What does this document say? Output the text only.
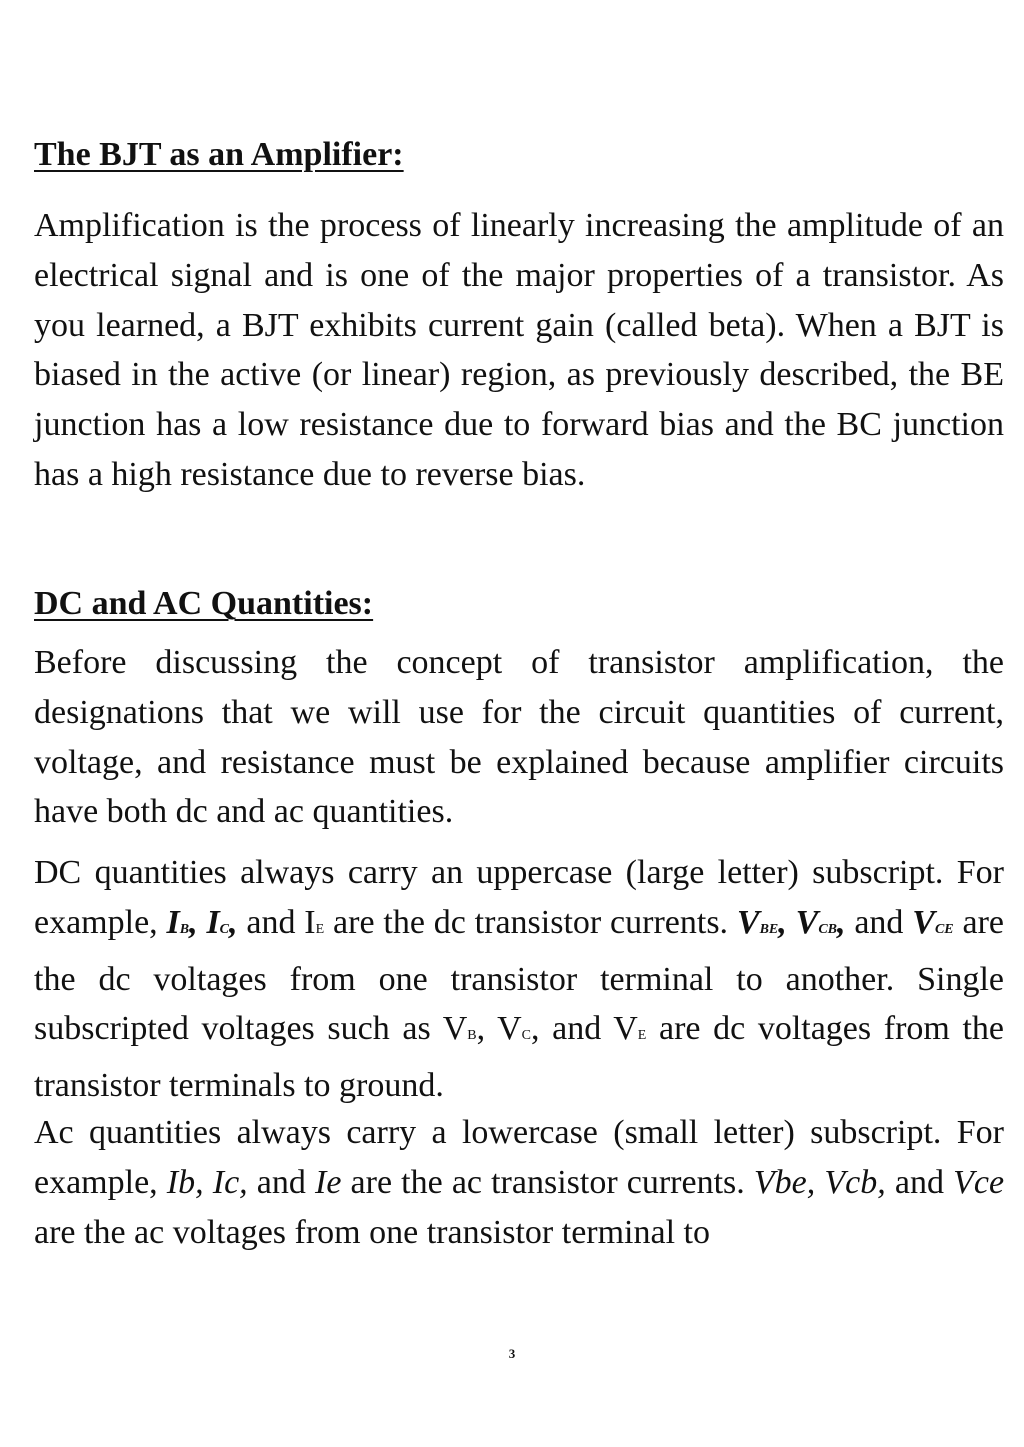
The BJT as an Amplifier:

Amplification is the process of linearly increasing the amplitude of an electrical signal and is one of the major properties of a transistor. As you learned, a BJT exhibits current gain (called beta). When a BJT is biased in the active (or linear) region, as previously described, the BE junction has a low resistance due to forward bias and the BC junction has a high resistance due to reverse bias.

DC and AC Quantities:

Before discussing the concept of transistor amplification, the designations that we will use for the circuit quantities of current, voltage, and resistance must be explained because amplifier circuits have both dc and ac quantities.

DC quantities always carry an uppercase (large letter) subscript. For example, IB, IC, and IE are the dc transistor currents. VBE, VCB, and VCE are the dc voltages from one transistor terminal to another. Single subscripted voltages such as VB, VC, and VE are dc voltages from the transistor terminals to ground.

Ac quantities always carry a lowercase (small letter) subscript. For example, Ib, Ic, and Ie are the ac transistor currents. Vbe, Vcb, and Vce are the ac voltages from one transistor terminal to

3
